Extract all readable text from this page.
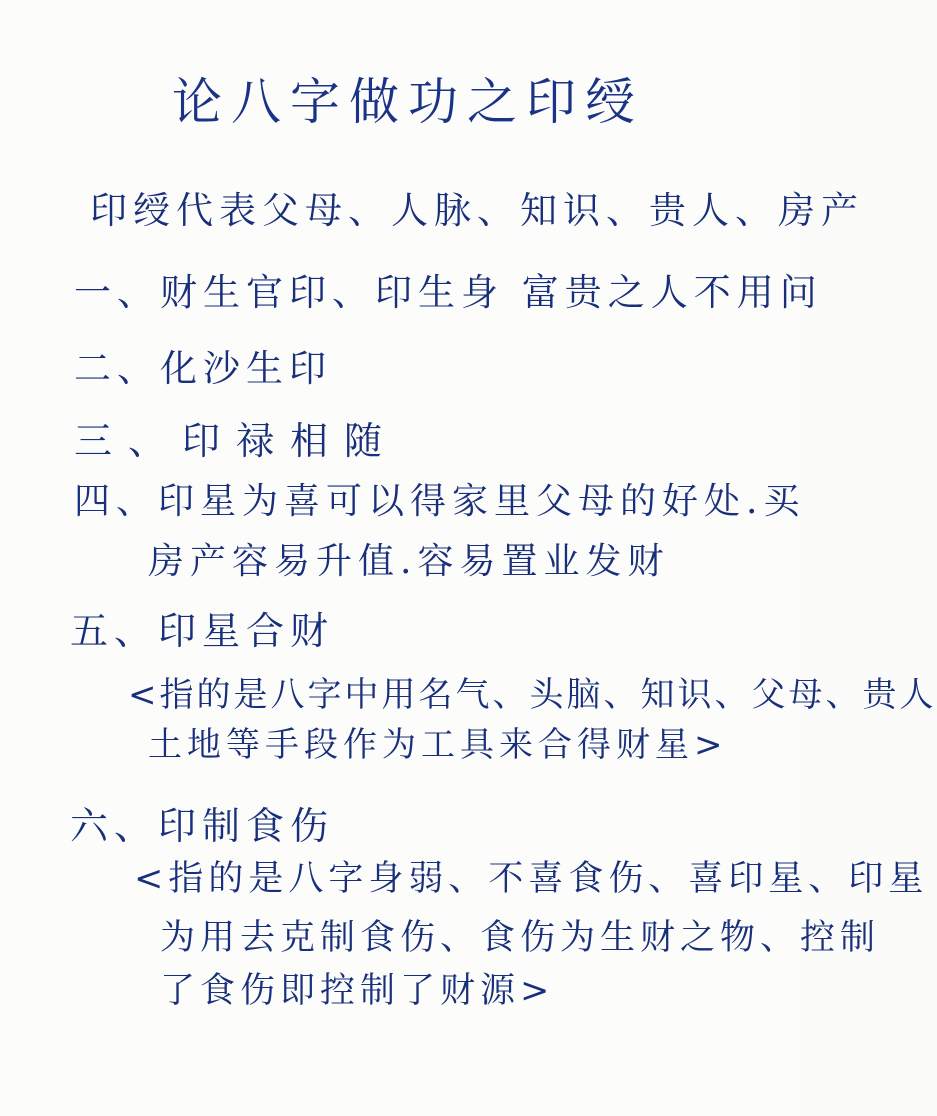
论八字做功之印绶
印绶代表父母、人脉、知识、贵人、房产
一、财生官印、印生身 富贵之人不用问
二、化沙生印
三、印禄相随
四、印星为喜可以得家里父母的好处.买
房产容易升值.容易置业发财
五、印星合财
<指的是八字中用名气、头脑、知识、父母、贵人
土地等手段作为工具来合得财星>
六、印制食伤
<指的是八字身弱、不喜食伤、喜印星、印星
为用去克制食伤、食伤为生财之物、控制
了食伤即控制了财源>
